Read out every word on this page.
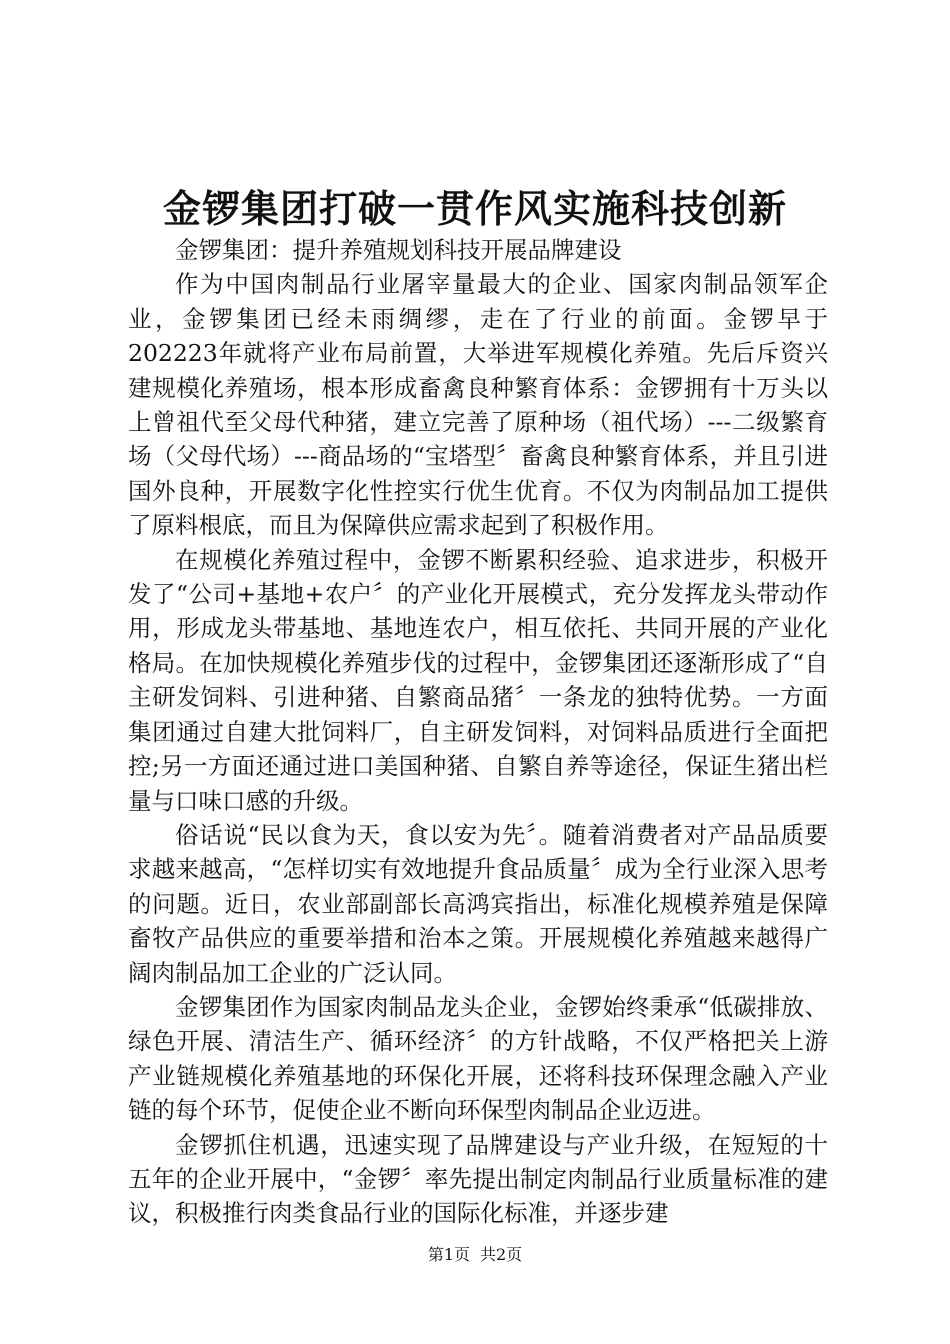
金锣集团打破一贯作风实施科技创新

金锣集团：提升养殖规划科技开展品牌建设

作为中国肉制品行业屠宰量最大的企业、国家肉制品领军企业，金锣集团已经未雨绸缪，走在了行业的前面。金锣早于202223年就将产业布局前置，大举进军规模化养殖。先后斥资兴建规模化养殖场，根本形成畜禽良种繁育体系：金锣拥有十万头以上曾祖代至父母代种猪，建立完善了原种场（祖代场）---二级繁育场（父母代场）---商品场的“宝塔型〞畜禽良种繁育体系，并且引进国外良种，开展数字化性控实行优生优育。不仅为肉制品加工提供了原料根底，而且为保障供应需求起到了积极作用。

在规模化养殖过程中，金锣不断累积经验、追求进步，积极开发了“公司+基地+农户〞的产业化开展模式，充分发挥龙头带动作用，形成龙头带基地、基地连农户，相互依托、共同开展的产业化格局。在加快规模化养殖步伐的过程中，金锣集团还逐渐形成了“自主研发饲料、引进种猪、自繁商品猪〞一条龙的独特优势。一方面集团通过自建大批饲料厂，自主研发饲料，对饲料品质进行全面把控;另一方面还通过进口美国种猪、自繁自养等途径，保证生猪出栏量与口味口感的升级。

俗话说“民以食为天，食以安为先〞。随着消费者对产品品质要求越来越高，“怎样切实有效地提升食品质量〞成为全行业深入思考的问题。近日，农业部副部长高鸿宾指出，标准化规模养殖是保障畜牧产品供应的重要举措和治本之策。开展规模化养殖越来越得广阔肉制品加工企业的广泛认同。

金锣集团作为国家肉制品龙头企业，金锣始终秉承“低碳排放、绿色开展、清洁生产、循环经济〞的方针战略，不仅严格把关上游产业链规模化养殖基地的环保化开展，还将科技环保理念融入产业链的每个环节，促使企业不断向环保型肉制品企业迈进。

金锣抓住机遇，迅速实现了品牌建设与产业升级，在短短的十五年的企业开展中，“金锣〞率先提出制定肉制品行业质量标准的建议，积极推行肉类食品行业的国际化标准，并逐步建

第1页 共2页
